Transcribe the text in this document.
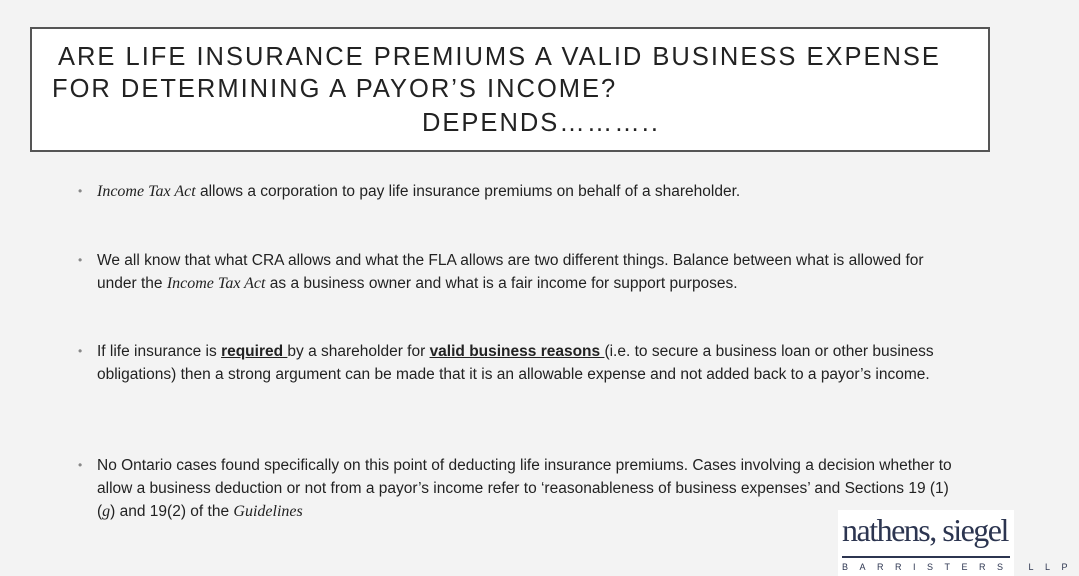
ARE LIFE INSURANCE PREMIUMS A VALID BUSINESS EXPENSE
FOR DETERMINING A PAYOR’S INCOME?
DEPENDS………..
• Income Tax Act allows a corporation to pay life insurance premiums on behalf of a shareholder.
• We all know that what CRA allows and what the FLA allows are two different things. Balance between what is allowed for under the Income Tax Act as a business owner and what is a fair income for support purposes.
• If life insurance is required by a shareholder for valid business reasons (i.e. to secure a business loan or other business obligations) then a strong argument can be made that it is an allowable expense and not added back to a payor’s income.
• No Ontario cases found specifically on this point of deducting life insurance premiums. Cases involving a decision whether to allow a business deduction or not from a payor’s income refer to ‘reasonableness of business expenses’ and Sections 19 (1)(g) and 19(2) of the Guidelines
nathens, siegel
BARRISTERS LLP
